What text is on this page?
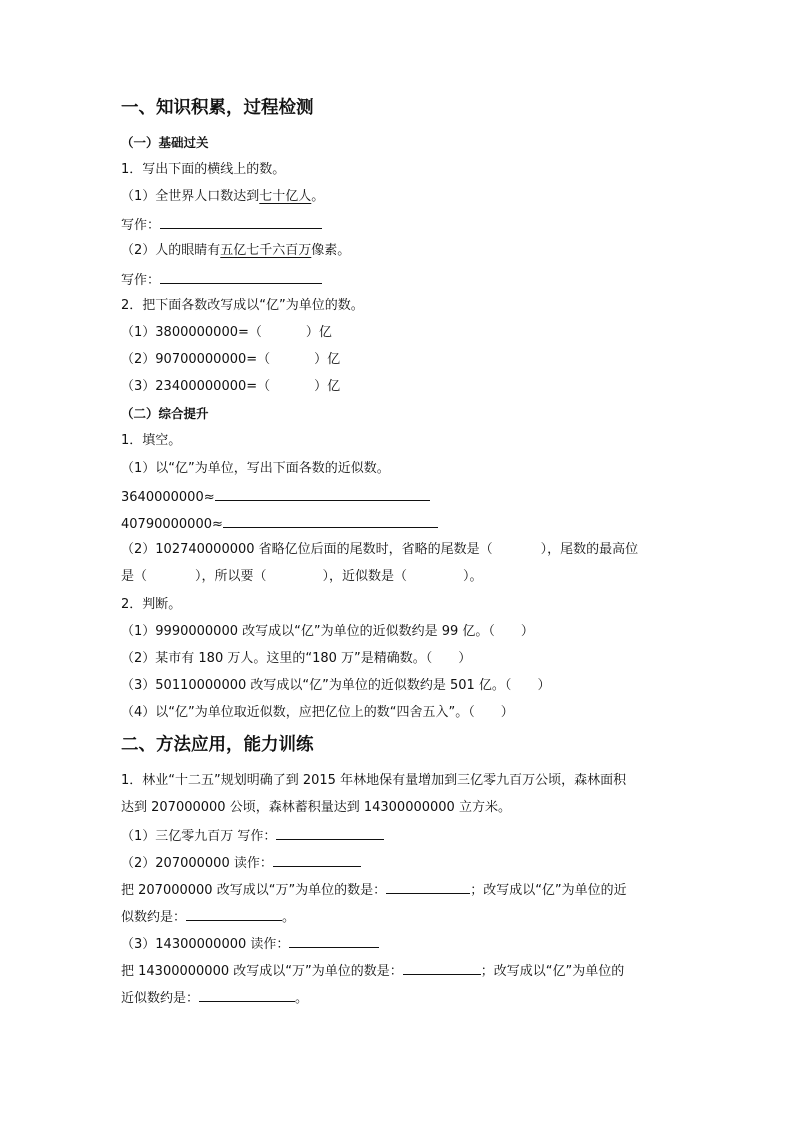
一、知识积累，过程检测
（一）基础过关
1．写出下面的横线上的数。
（1）全世界人口数达到七十亿人。
写作：
（2）人的眼睛有五亿七千六百万像素。
写作：
2．把下面各数改写成以“亿”为单位的数。
（1）3800000000=（	）亿
（2）90700000000=（	）亿
（3）23400000000=（	）亿
（二）综合提升
1．填空。
（1）以“亿”为单位，写出下面各数的近似数。
3640000000≈
40790000000≈
（2）102740000000 省略亿位后面的尾数时，省略的尾数是（	），尾数的最高位
是（	），所以要（	），近似数是（	）。
2．判断。
（1）9990000000 改写成以“亿”为单位的近似数约是 99 亿。（ ）
（2）某市有 180 万人。这里的“180 万”是精确数。（ ）
（3）50110000000 改写成以“亿”为单位的近似数约是 501 亿。（ ）
（4）以“亿”为单位取近似数，应把亿位上的数“四舍五入”。（ ）
二、方法应用，能力训练
1．林业“十二五”规划明确了到 2015 年林地保有量增加到三亿零九百万公顷，森林面积
达到 207000000 公顷，森林蓄积量达到 14300000000 立方米。
（1）三亿零九百万 写作：
（2）207000000 读作：
把 207000000 改写成以“万”为单位的数是：	；改写成以“亿”为单位的近
似数约是：	。
（3）14300000000 读作：
把 14300000000 改写成以“万”为单位的数是：	；改写成以“亿”为单位的
近似数约是：	。
